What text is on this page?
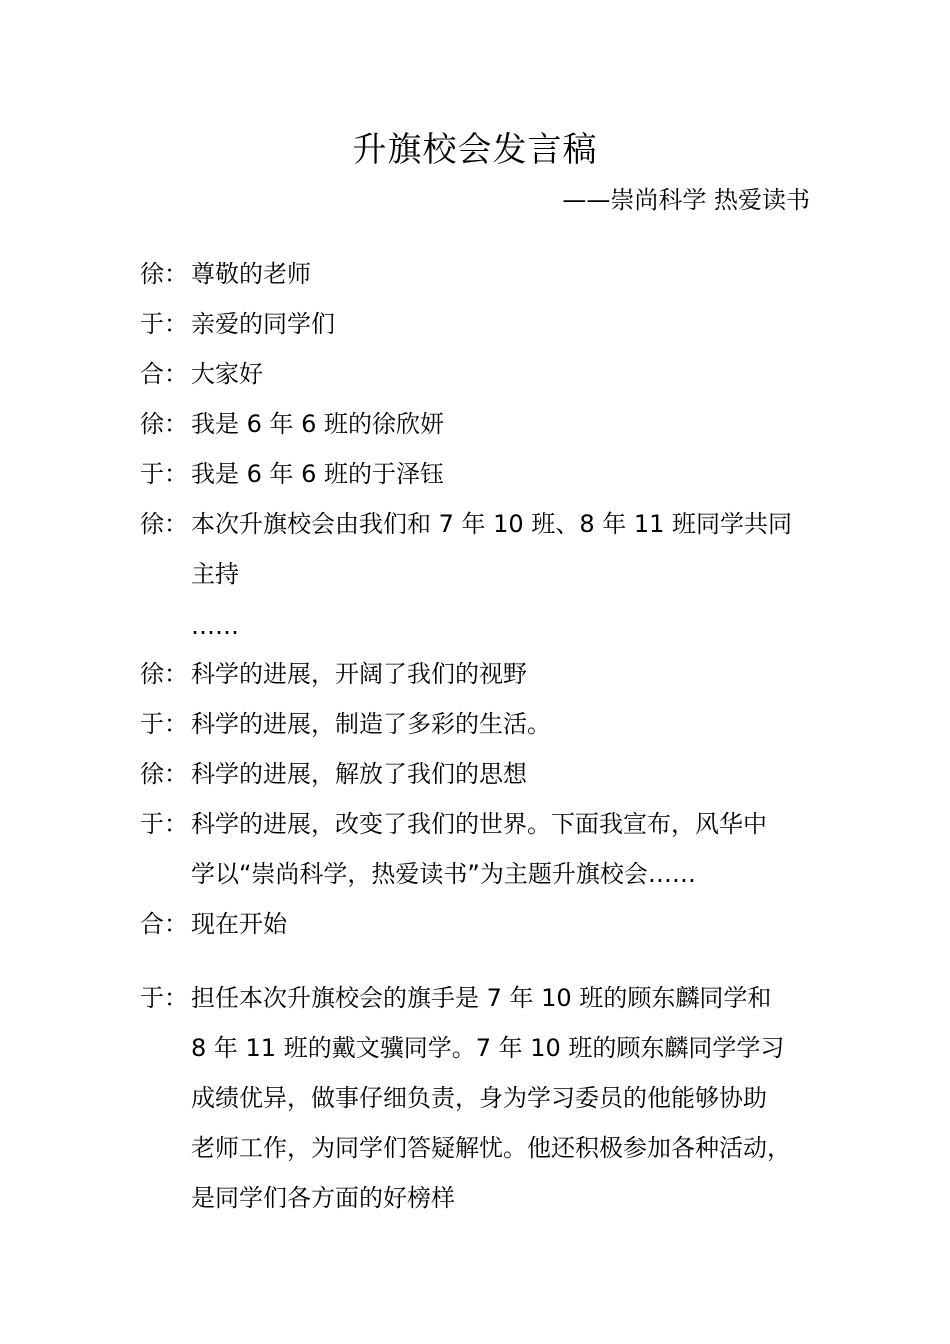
升旗校会发言稿
——崇尚科学 热爱读书
徐： 尊敬的老师
于： 亲爱的同学们
合： 大家好
徐： 我是 6 年 6 班的徐欣妍
于： 我是 6 年 6 班的于泽钰
徐： 本次升旗校会由我们和 7 年 10 班、8 年 11 班同学共同
主持
……
徐： 科学的进展，开阔了我们的视野
于： 科学的进展，制造了多彩的生活。
徐： 科学的进展，解放了我们的思想
于： 科学的进展，改变了我们的世界。下面我宣布，风华中
学以“崇尚科学，热爱读书”为主题升旗校会……
合： 现在开始
于： 担任本次升旗校会的旗手是 7 年 10 班的顾东麟同学和
8 年 11 班的戴文骥同学。7 年 10 班的顾东麟同学学习
成绩优异，做事仔细负责，身为学习委员的他能够协助
老师工作，为同学们答疑解忧。他还积极参加各种活动，
是同学们各方面的好榜样
